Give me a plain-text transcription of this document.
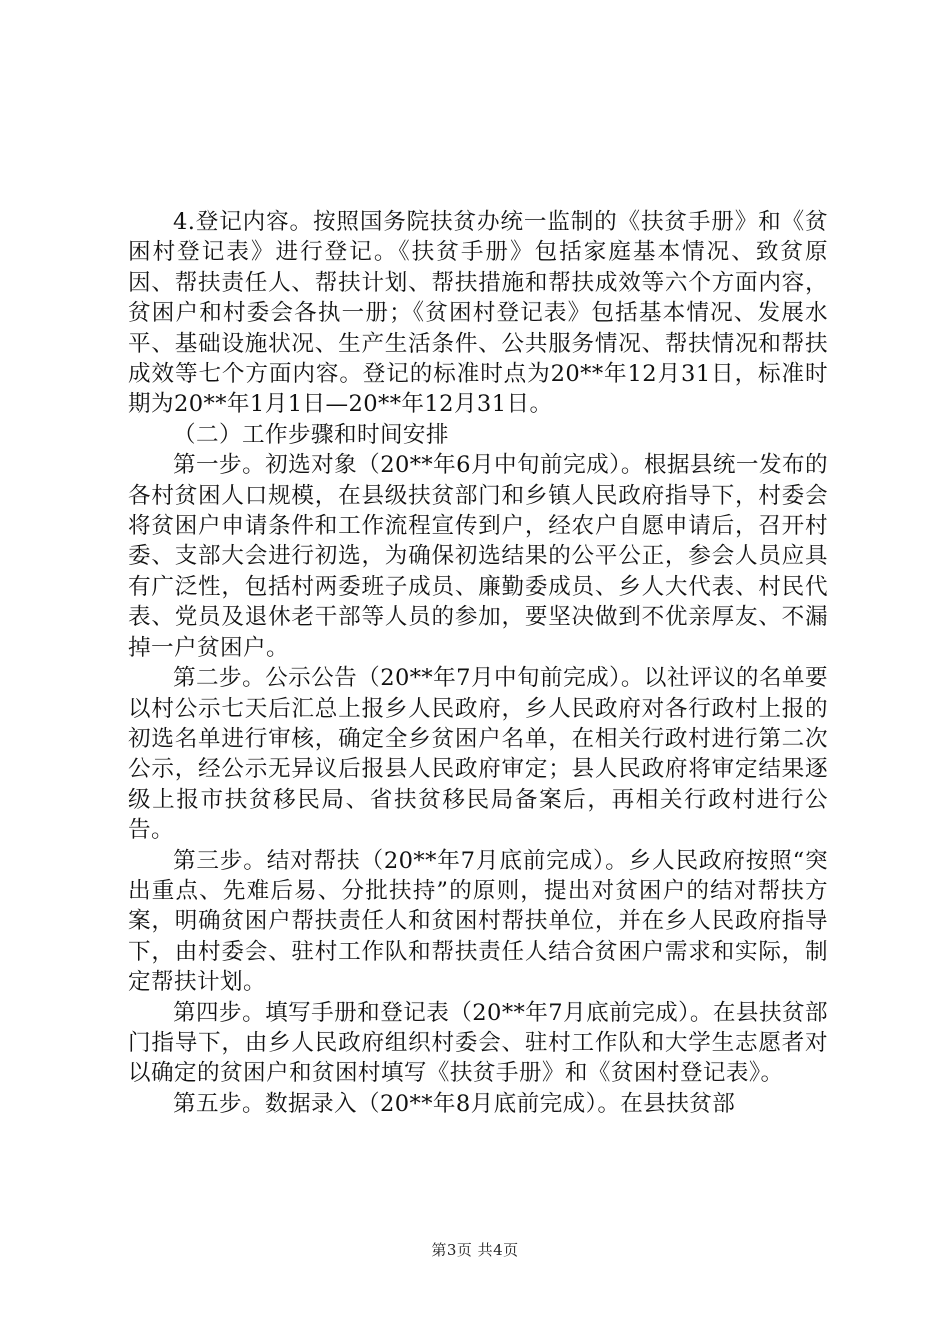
4.登记内容。按照国务院扶贫办统一监制的《扶贫手册》和《贫困村登记表》进行登记。《扶贫手册》包括家庭基本情况、致贫原因、帮扶责任人、帮扶计划、帮扶措施和帮扶成效等六个方面内容，贫困户和村委会各执一册；《贫困村登记表》包括基本情况、发展水平、基础设施状况、生产生活条件、公共服务情况、帮扶情况和帮扶成效等七个方面内容。登记的标准时点为20**年12月31日，标准时期为20**年1月1日—20**年12月31日。

（二）工作步骤和时间安排

第一步。初选对象（20**年6月中旬前完成）。根据县统一发布的各村贫困人口规模，在县级扶贫部门和乡镇人民政府指导下，村委会将贫困户申请条件和工作流程宣传到户，经农户自愿申请后，召开村委、支部大会进行初选，为确保初选结果的公平公正，参会人员应具有广泛性，包括村两委班子成员、廉勤委成员、乡人大代表、村民代表、党员及退休老干部等人员的参加，要坚决做到不优亲厚友、不漏掉一户贫困户。

第二步。公示公告（20**年7月中旬前完成）。以社评议的名单要以村公示七天后汇总上报乡人民政府，乡人民政府对各行政村上报的初选名单进行审核，确定全乡贫困户名单，在相关行政村进行第二次公示，经公示无异议后报县人民政府审定；县人民政府将审定结果逐级上报市扶贫移民局、省扶贫移民局备案后，再相关行政村进行公告。

第三步。结对帮扶（20**年7月底前完成）。乡人民政府按照“突出重点、先难后易、分批扶持”的原则，提出对贫困户的结对帮扶方案，明确贫困户帮扶责任人和贫困村帮扶单位，并在乡人民政府指导下，由村委会、驻村工作队和帮扶责任人结合贫困户需求和实际，制定帮扶计划。

第四步。填写手册和登记表（20**年7月底前完成）。在县扶贫部门指导下，由乡人民政府组织村委会、驻村工作队和大学生志愿者对以确定的贫困户和贫困村填写《扶贫手册》和《贫困村登记表》。

第五步。数据录入（20**年8月底前完成）。在县扶贫部

第3页 共4页
